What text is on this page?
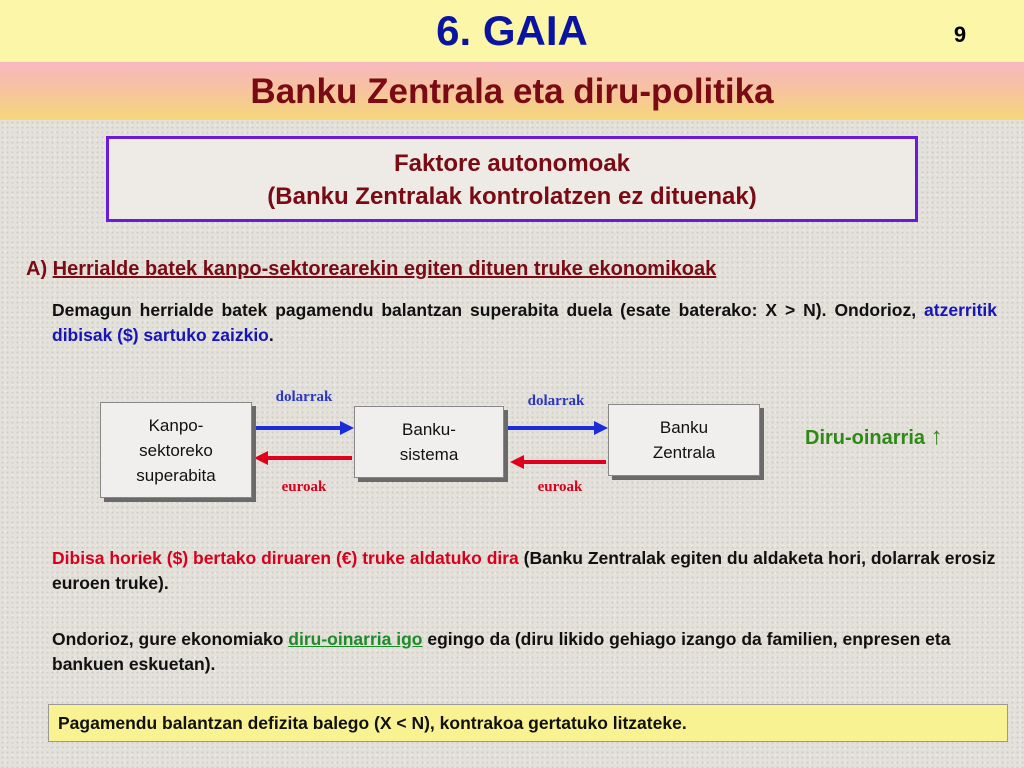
6. GAIA	9
Banku Zentrala eta diru-politika
Faktore autonomoak
(Banku Zentralak kontrolatzen ez dituenak)
A) Herrialde batek kanpo-sektorearekin egiten dituen truke ekonomikoak
Demagun herrialde batek pagamendu balantzan superabita duela (esate baterako: X > N). Ondorioz, atzerritik dibisak ($) sartuko zaizkio.
Kanpo-
sektoreko
superabita
Banku-
sistema
Banku
Zentrala
dolarrak	dolarrak
euroak	euroak
Diru-oinarria ↑
Dibisa horiek ($) bertako diruaren (€) truke aldatuko dira (Banku Zentralak egiten du aldaketa hori, dolarrak erosiz euroen truke).
Ondorioz, gure ekonomiako diru-oinarria igo egingo da (diru likido gehiago izango da familien, enpresen eta bankuen eskuetan).
Pagamendu balantzan defizita balego (X < N), kontrakoa gertatuko litzateke.
